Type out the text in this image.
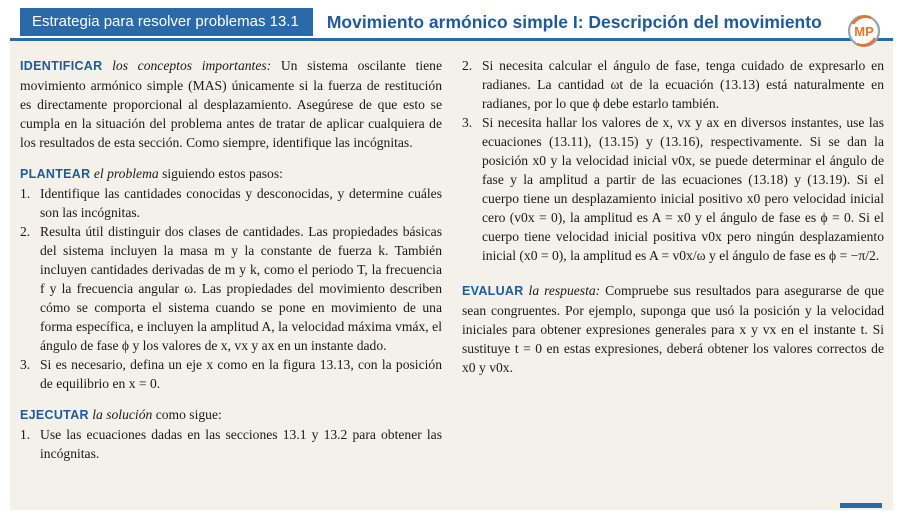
Estrategia para resolver problemas 13.1	Movimiento armónico simple I: Descripción del movimiento MP

IDENTIFICAR los conceptos importantes: Un sistema oscilante tiene movimiento armónico simple (MAS) únicamente si la fuerza de restitución es directamente proporcional al desplazamiento. Asegúrese de que esto se cumpla en la situación del problema antes de tratar de aplicar cualquiera de los resultados de esta sección. Como siempre, identifique las incógnitas.

PLANTEAR el problema siguiendo estos pasos:

1. Identifique las cantidades conocidas y desconocidas, y determine cuáles son las incógnitas.
2. Resulta útil distinguir dos clases de cantidades. Las propiedades básicas del sistema incluyen la masa m y la constante de fuerza k. También incluyen cantidades derivadas de m y k, como el periodo T, la frecuencia f y la frecuencia angular ω. Las propiedades del movimiento describen cómo se comporta el sistema cuando se pone en movimiento de una forma específica, e incluyen la amplitud A, la velocidad máxima vmáx, el ángulo de fase ϕ y los valores de x, vx y ax en un instante dado.
3. Si es necesario, defina un eje x como en la figura 13.13, con la posición de equilibrio en x = 0.

EJECUTAR la solución como sigue:

1. Use las ecuaciones dadas en las secciones 13.1 y 13.2 para obtener las incógnitas.
2. Si necesita calcular el ángulo de fase, tenga cuidado de expresarlo en radianes. La cantidad ωt de la ecuación (13.13) está naturalmente en radianes, por lo que ϕ debe estarlo también.
3. Si necesita hallar los valores de x, vx y ax en diversos instantes, use las ecuaciones (13.11), (13.15) y (13.16), respectivamente. Si se dan la posición x0 y la velocidad inicial v0x, se puede determinar el ángulo de fase y la amplitud a partir de las ecuaciones (13.18) y (13.19). Si el cuerpo tiene un desplazamiento inicial positivo x0 pero velocidad inicial cero (v0x = 0), la amplitud es A = x0 y el ángulo de fase es ϕ = 0. Si el cuerpo tiene velocidad inicial positiva v0x pero ningún desplazamiento inicial (x0 = 0), la amplitud es A = v0x/ω y el ángulo de fase es ϕ = −π/2.

EVALUAR la respuesta: Compruebe sus resultados para asegurarse de que sean congruentes. Por ejemplo, suponga que usó la posición y la velocidad iniciales para obtener expresiones generales para x y vx en el instante t. Si sustituye t = 0 en estas expresiones, deberá obtener los valores correctos de x0 y v0x.
